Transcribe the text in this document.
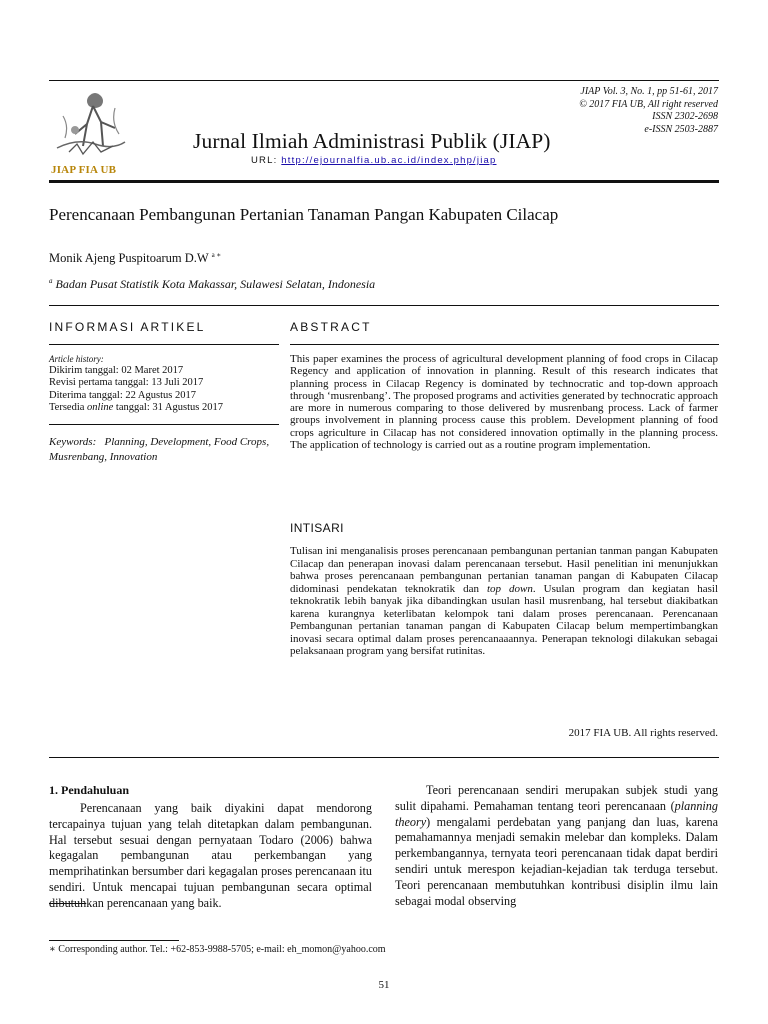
JIAP FIA UB
JIAP Vol. 3, No. 1, pp 51-61, 2017
© 2017 FIA UB, All right reserved
ISSN 2302-2698
e-ISSN 2503-2887
Jurnal Ilmiah Administrasi Publik (JIAP)
URL: http://ejournalfia.ub.ac.id/index.php/jiap
Perencanaan Pembangunan Pertanian Tanaman Pangan Kabupaten Cilacap
Monik Ajeng Puspitoarum D.W $^{a ∗}$
$^a$ Badan Pusat Statistik Kota Makassar, Sulawesi Selatan, Indonesia
INFORMASI ARTIKEL
Article history:
Dikirim tanggal: 02 Maret 2017
Revisi pertama tanggal: 13 Juli 2017
Diterima tanggal: 22 Agustus 2017
Tersedia online tanggal: 31 Agustus 2017
Keywords: Planning, Development, Food Crops, Musrenbang, Innovation
ABSTRACT
This paper examines the process of agricultural development planning of food crops in Cilacap Regency and application of innovation in planning. Result of this research indicates that planning process in Cilacap Regency is dominated by technocratic and top-down approach through ‘musrenbang’. The proposed programs and activities generated by technocratic approach are more in numerous comparing to those delivered by musrenbang process. Lack of farmer groups involvement in planning process cause this problem. Development planning of food crops agriculture in Cilacap has not considered innovation optimally in the planning process. The application of technology is carried out as a routine program implementation.
INTISARI
Tulisan ini menganalisis proses perencanaan pembangunan pertanian tanman pangan Kabupaten Cilacap dan penerapan inovasi dalam perencanaan tersebut. Hasil penelitian ini menunjukkan bahwa proses perencanaan pembangunan pertanian tanaman pangan di Kabupaten Cilacap didominasi pendekatan teknokratik dan top down. Usulan program dan kegiatan hasil teknokratik lebih banyak jika dibandingkan usulan hasil musrenbang, hal tersebut diakibatkan karena kurangnya keterlibatan kelompok tani dalam proses perencanaan. Perencanaan Pembangunan pertanian tanaman pangan di Kabupaten Cilacap belum mempertimbangkan inovasi secara optimal dalam proses perencanaaannya. Penerapan teknologi dilakukan sebagai pelaksanaan program yang bersifat rutinitas.
2017 FIA UB. All rights reserved.
1. Pendahuluan
Perencanaan yang baik diyakini dapat mendorong tercapainya tujuan yang telah ditetapkan dalam pembangunan. Hal tersebut sesuai dengan pernyataan Todaro (2006) bahwa kegagalan pembangunan atau perkembangan yang memprihatinkan bersumber dari kegagalan proses perencanaan itu sendiri. Untuk mencapai tujuan pembangunan secara optimal dibutuhkan perencanaan yang baik.
Teori perencanaan sendiri merupakan subjek studi yang sulit dipahami. Pemahaman tentang teori perencanaan (planning theory) mengalami perdebatan yang panjang dan luas, karena pemahamannya menjadi semakin melebar dan kompleks. Dalam perkembangannya, ternyata teori perencanaan tidak dapat berdiri sendiri untuk merespon kejadian-kejadian tak terduga tersebut. Teori perencanaan membutuhkan kontribusi disiplin ilmu lain sebagai modal observing
∗ Corresponding author. Tel.: +62-853-9988-5705; e-mail: eh_momon@yahoo.com
51
